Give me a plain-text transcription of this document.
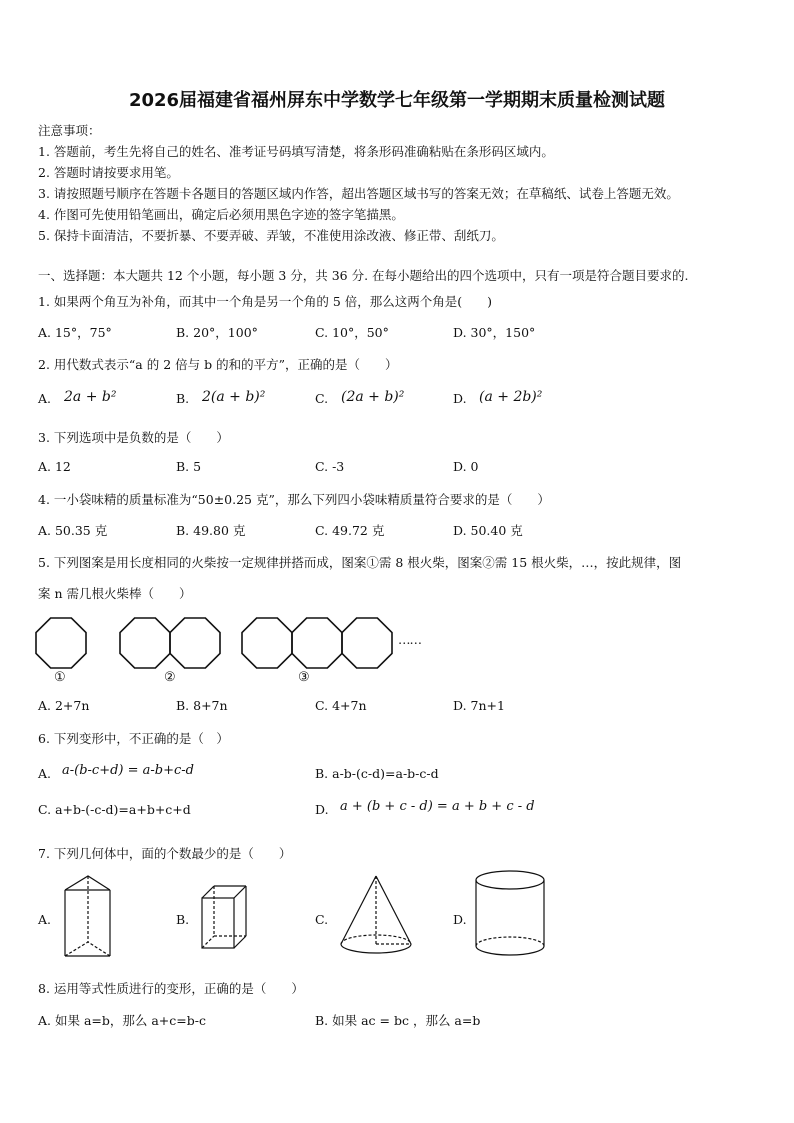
2026届福建省福州屏东中学数学七年级第一学期期末质量检测试题
注意事项：
1. 答题前，考生先将自己的姓名、准考证号码填写清楚，将条形码准确粘贴在条形码区域内。
2. 答题时请按要求用笔。
3. 请按照题号顺序在答题卡各题目的答题区域内作答，超出答题区域书写的答案无效；在草稿纸、试卷上答题无效。
4. 作图可先使用铅笔画出，确定后必须用黑色字迹的签字笔描黑。
5. 保持卡面清洁，不要折暴、不要弄破、弄皱，不准使用涂改液、修正带、刮纸刀。
一、选择题：本大题共 12 个小题，每小题 3 分，共 36 分. 在每小题给出的四个选项中，只有一项是符合题目要求的.
1. 如果两个角互为补角，而其中一个角是另一个角的 5 倍，那么这两个角是(　　)
A. 15°，75°	B. 20°，100°	C. 10°，50°	D. 30°，150°
2. 用代数式表示“a 的 2 倍与 b 的和的平方”，正确的是（　　）
A. 2a + b²	B. 2(a + b)²	C. (2a + b)²	D. (a + 2b)²
3. 下列选项中是负数的是（　　）
A. 12	B. 5	C. -3	D. 0
4. 一小袋味精的质量标准为“50±0.25 克”，那么下列四小袋味精质量符合要求的是（　　）
A. 50.35 克	B. 49.80 克	C. 49.72 克	D. 50.40 克
5. 下列图案是用长度相同的火柴按一定规律拼搭而成，图案①需 8 根火柴，图案②需 15 根火柴，…，按此规律，图
案 n 需几根火柴棒（　　）
……
①	②	③
A. 2+7n	B. 8+7n	C. 4+7n	D. 7n+1
6. 下列变形中，不正确的是（　）
A. a-(b-c+d) = a-b+c-d	B. a-b-(c-d)=a-b-c-d
C. a+b-(-c-d)=a+b+c+d	D. a + (b + c - d) = a + b + c - d
7. 下列几何体中，面的个数最少的是（　　）
A.	B.	C.	D.
8. 运用等式性质进行的变形，正确的是（　　）
A. 如果 a=b，那么 a+c=b-c	B. 如果 ac = bc ，那么 a=b
